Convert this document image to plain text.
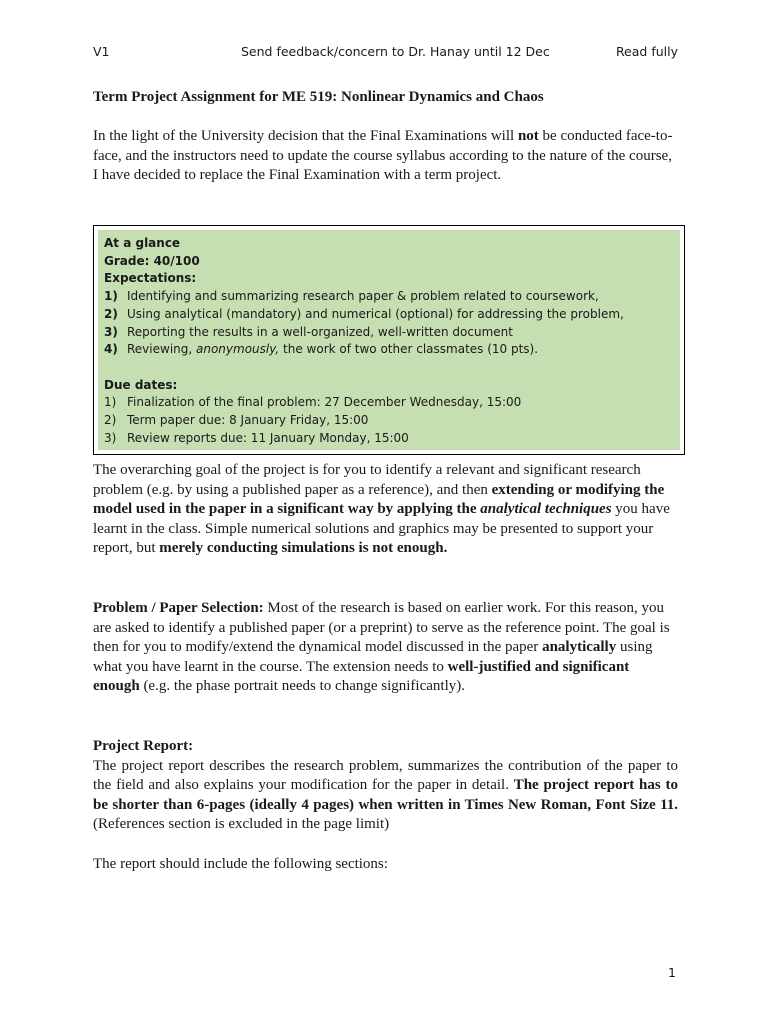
V1	Send feedback/concern to Dr. Hanay until 12 Dec	Read fully
Term Project Assignment for ME 519: Nonlinear Dynamics and Chaos
In the light of the University decision that the Final Examinations will not be conducted face-to-face, and the instructors need to update the course syllabus according to the nature of the course, I have decided to replace the Final Examination with a term project.
At a glance
Grade: 40/100
Expectations:
1) Identifying and summarizing research paper & problem related to coursework,
2) Using analytical (mandatory) and numerical (optional) for addressing the problem,
3) Reporting the results in a well-organized, well-written document
4) Reviewing, anonymously, the work of two other classmates (10 pts).
Due dates:
1) Finalization of the final problem: 27 December Wednesday, 15:00
2) Term paper due: 8 January Friday, 15:00
3) Review reports due: 11 January Monday, 15:00
The overarching goal of the project is for you to identify a relevant and significant research problem (e.g. by using a published paper as a reference), and then extending or modifying the model used in the paper in a significant way by applying the analytical techniques you have learnt in the class. Simple numerical solutions and graphics may be presented to support your report, but merely conducting simulations is not enough.
Problem / Paper Selection: Most of the research is based on earlier work. For this reason, you are asked to identify a published paper (or a preprint) to serve as the reference point. The goal is then for you to modify/extend the dynamical model discussed in the paper analytically using what you have learnt in the course. The extension needs to well-justified and significant enough (e.g. the phase portrait needs to change significantly).
Project Report:
The project report describes the research problem, summarizes the contribution of the paper to the field and also explains your modification for the paper in detail. The project report has to be shorter than 6-pages (ideally 4 pages) when written in Times New Roman, Font Size 11. (References section is excluded in the page limit)
The report should include the following sections:
1
